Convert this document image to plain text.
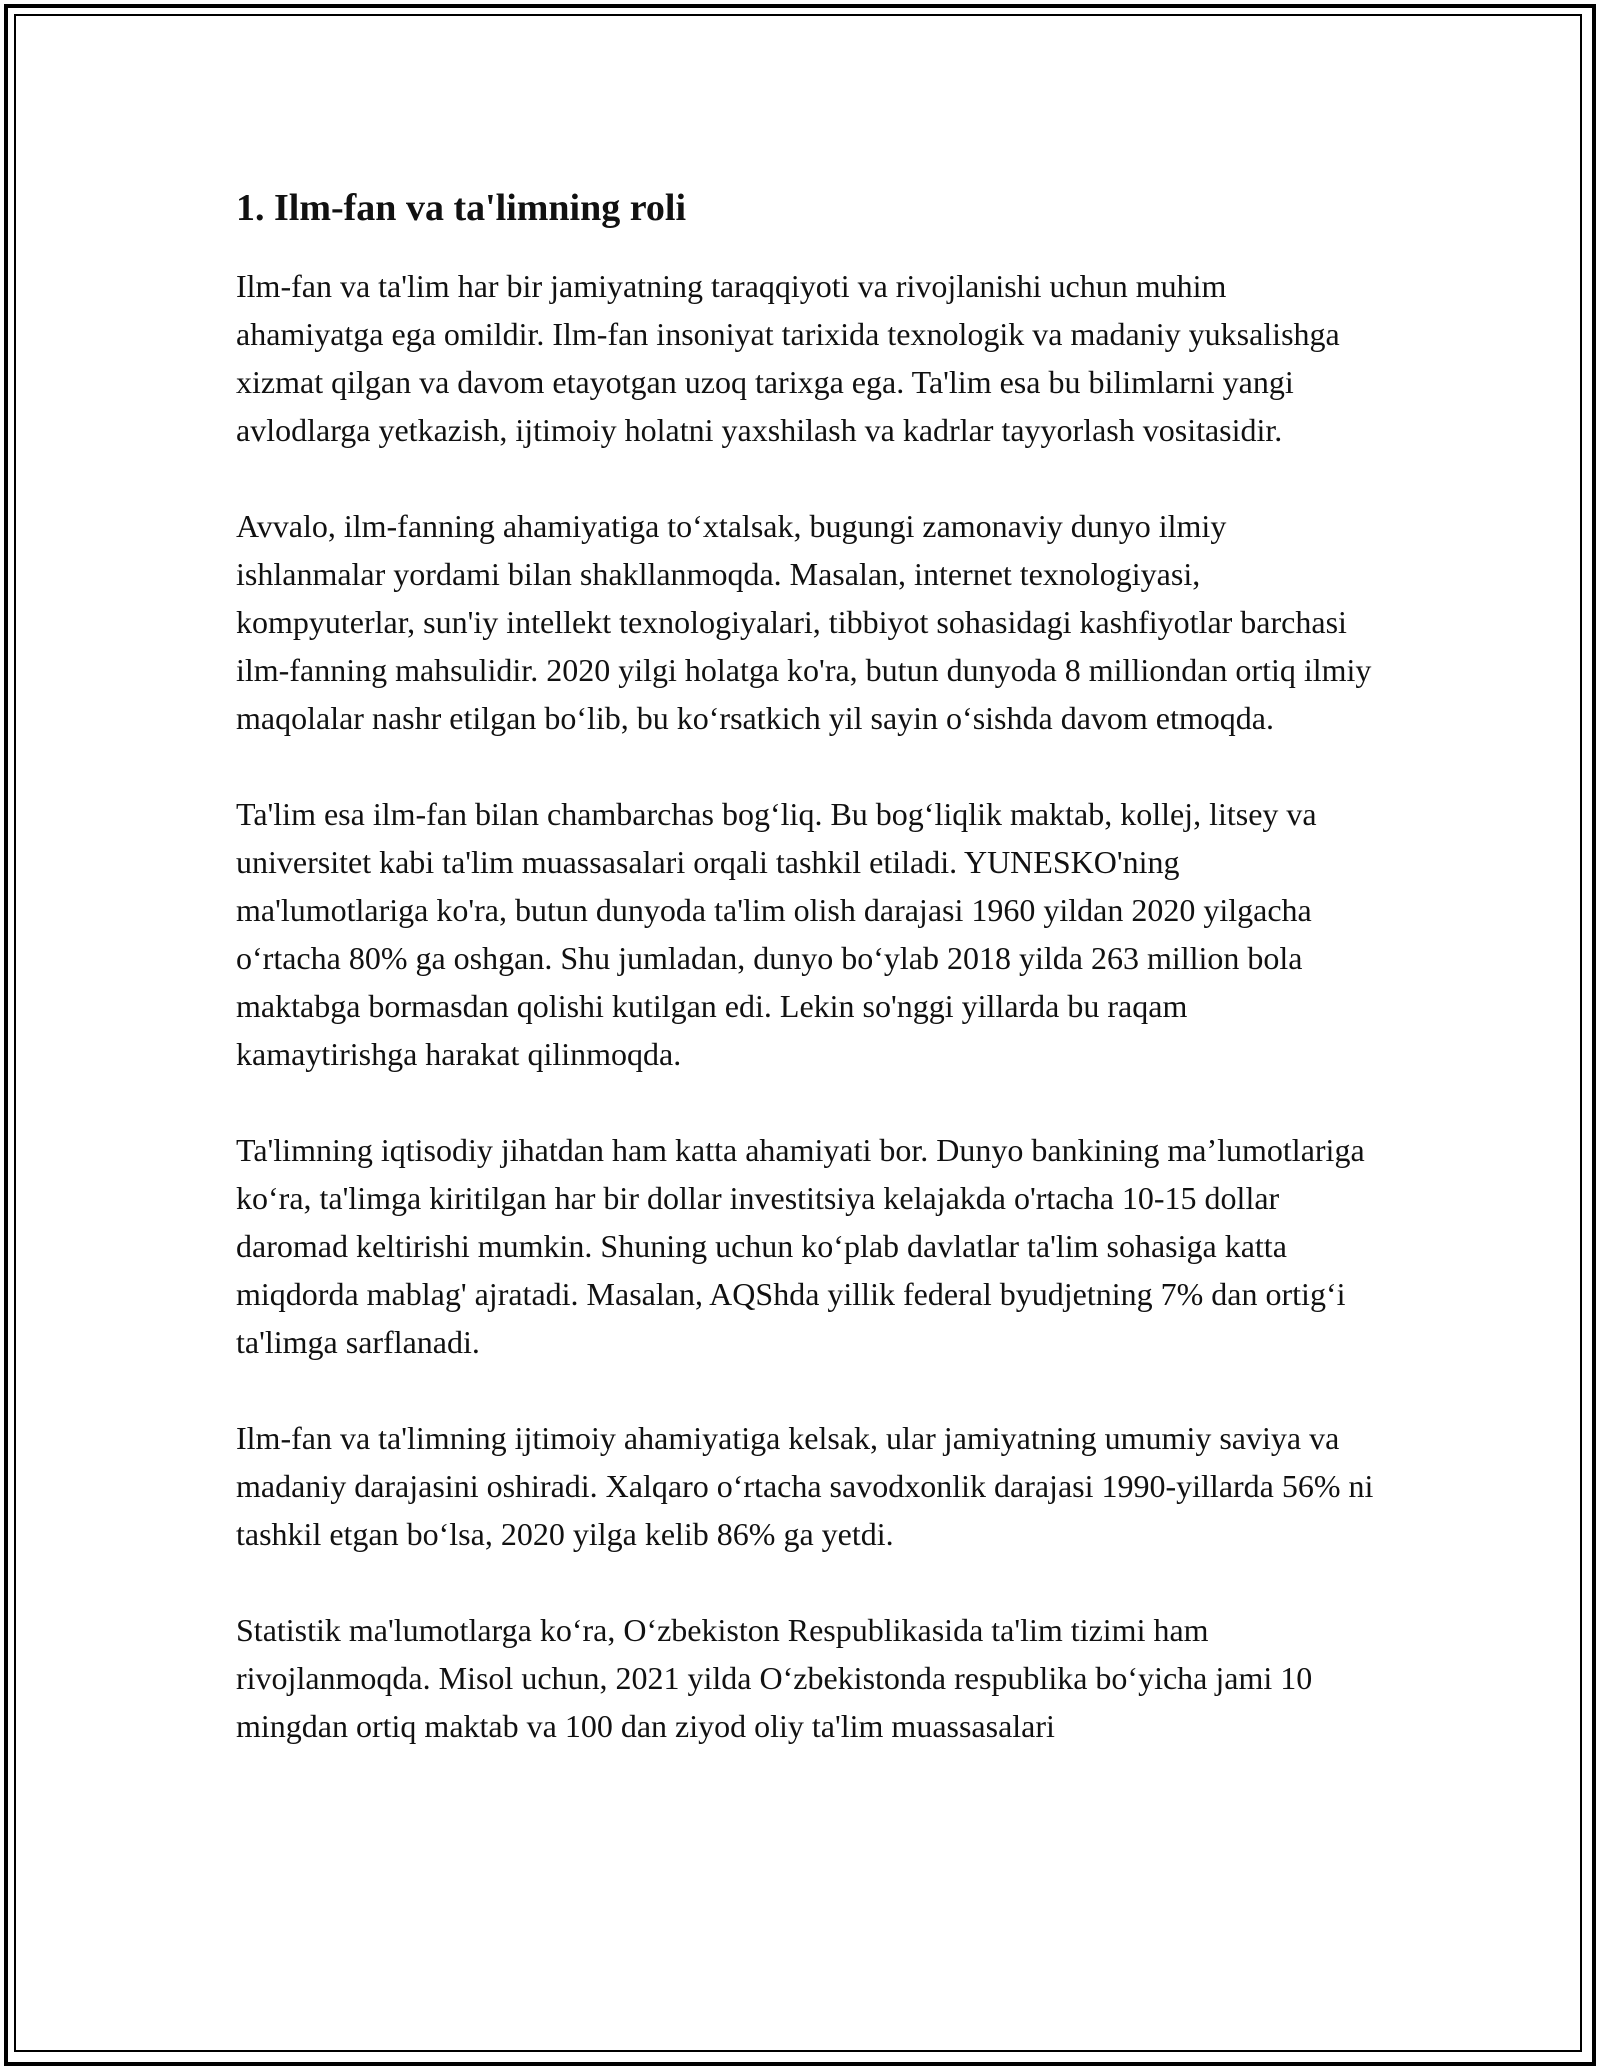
1. Ilm-fan va ta'limning roli

Ilm-fan va ta'lim har bir jamiyatning taraqqiyoti va rivojlanishi uchun muhim ahamiyatga ega omildir. Ilm-fan insoniyat tarixida texnologik va madaniy yuksalishga xizmat qilgan va davom etayotgan uzoq tarixga ega. Ta'lim esa bu bilimlarni yangi avlodlarga yetkazish, ijtimoiy holatni yaxshilash va kadrlar tayyorlash vositasidir.

Avvalo, ilm-fanning ahamiyatiga to‘xtalsak, bugungi zamonaviy dunyo ilmiy ishlanmalar yordami bilan shakllanmoqda. Masalan, internet texnologiyasi, kompyuterlar, sun'iy intellekt texnologiyalari, tibbiyot sohasidagi kashfiyotlar barchasi ilm-fanning mahsulidir. 2020 yilgi holatga ko'ra, butun dunyoda 8 milliondan ortiq ilmiy maqolalar nashr etilgan bo‘lib, bu ko‘rsatkich yil sayin o‘sishda davom etmoqda.

Ta'lim esa ilm-fan bilan chambarchas bog‘liq. Bu bog‘liqlik maktab, kollej, litsey va universitet kabi ta'lim muassasalari orqali tashkil etiladi. YUNESKO'ning ma'lumotlariga ko'ra, butun dunyoda ta'lim olish darajasi 1960 yildan 2020 yilgacha o‘rtacha 80% ga oshgan. Shu jumladan, dunyo bo‘ylab 2018 yilda 263 million bola maktabga bormasdan qolishi kutilgan edi. Lekin so'nggi yillarda bu raqam kamaytirishga harakat qilinmoqda.

Ta'limning iqtisodiy jihatdan ham katta ahamiyati bor. Dunyo bankining ma’lumotlariga ko‘ra, ta'limga kiritilgan har bir dollar investitsiya kelajakda o'rtacha 10-15 dollar daromad keltirishi mumkin. Shuning uchun ko‘plab davlatlar ta'lim sohasiga katta miqdorda mablag' ajratadi. Masalan, AQShda yillik federal byudjetning 7% dan ortig‘i ta'limga sarflanadi.

Ilm-fan va ta'limning ijtimoiy ahamiyatiga kelsak, ular jamiyatning umumiy saviya va madaniy darajasini oshiradi. Xalqaro o‘rtacha savodxonlik darajasi 1990-yillarda 56% ni tashkil etgan bo‘lsa, 2020 yilga kelib 86% ga yetdi.

Statistik ma'lumotlarga ko‘ra, O‘zbekiston Respublikasida ta'lim tizimi ham rivojlanmoqda. Misol uchun, 2021 yilda O‘zbekistonda respublika bo‘yicha jami 10 mingdan ortiq maktab va 100 dan ziyod oliy ta'lim muassasalari
